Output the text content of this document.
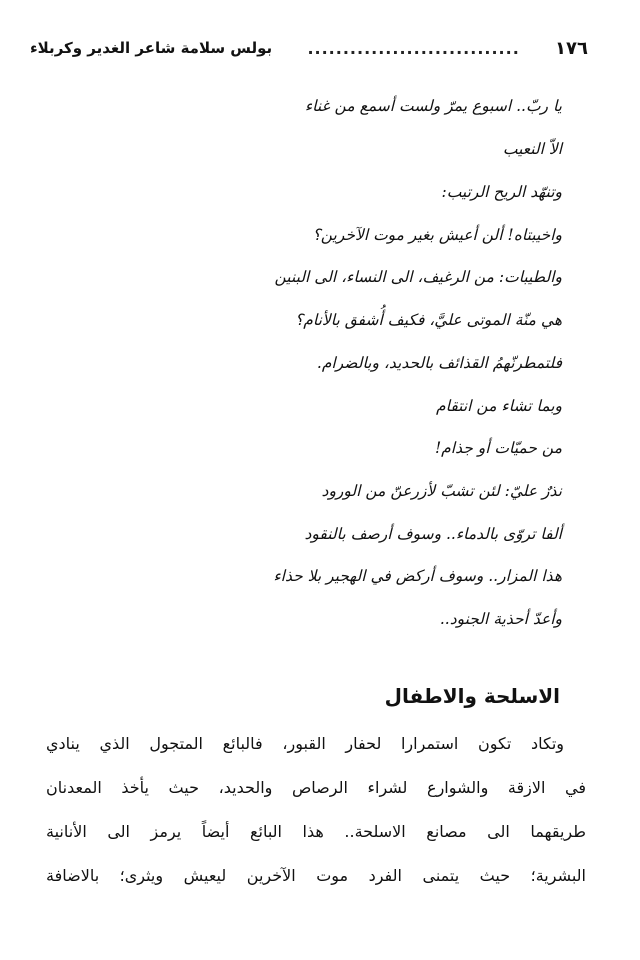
١٧٦
..............................
بولس سلامة شاعر الغدير وكربلاء
يا ربّ.. اسبوع يمرّ ولست أسمع من غناء
الاّ النعيب
وتنهّد الريح الرتيب:
واخيبتاه! ألن أعيش بغير موت الآخرين؟
والطيبات: من الرغيف، الى النساء، الى البنين
هي منّة الموتى عليَّ، فكيف أُشفق بالأنام؟
فلتمطرنّهمُ القذائف بالحديد، وبالضرام.
وبما تشاء من انتقام
من حميّات أو جذام!
نذرٌ عليّ: لئن تشبّ لأزرعنّ من الورود
ألفا تروّى بالدماء.. وسوف أرصف بالنقود
هذا المزار.. وسوف أركض في الهجير بلا حذاء
وأعدّ أحذية الجنود..
الاسلحة والاطفال
وتكاد تكون استمرارا لحفار القبور، فالبائع المتجول الذي ينادي
في الازقة والشوارع لشراء الرصاص والحديد، حيث يأخذ المعدنان
طريقهما الى مصانع الاسلحة.. هذا البائع أيضاً يرمز الى الأنانية
البشرية؛ حيث يتمنى الفرد موت الآخرين ليعيش ويثرى؛ بالاضافة
